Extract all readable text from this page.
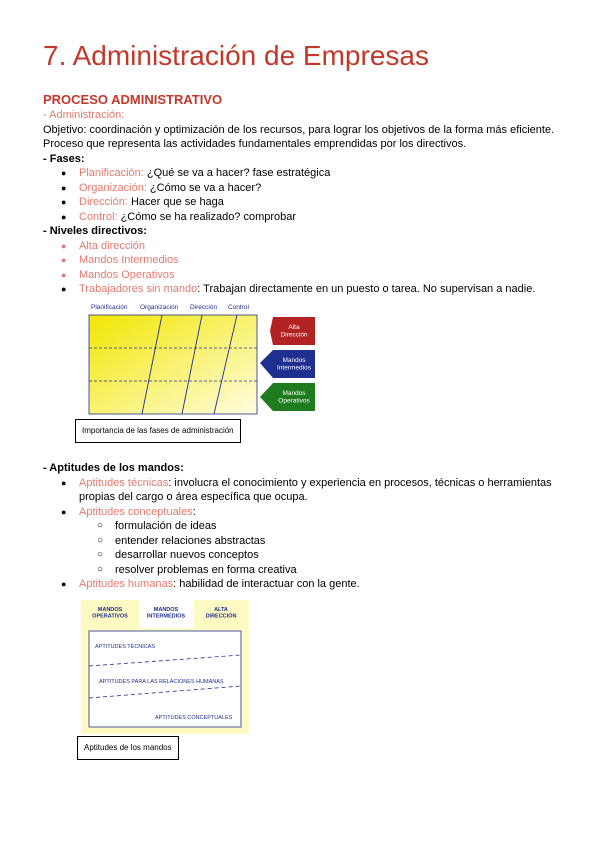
7. Administración de Empresas
PROCESO ADMINISTRATIVO

- Administración:

Objetivo: coordinación y optimización de los recursos, para lograr los objetivos de la forma más eficiente.

Proceso que representa las actividades fundamentales emprendidas por los directivos.

- Fases:

● Planificación: ¿Qué se va a hacer? fase estratégica
● Organización: ¿Cómo se va a hacer?
● Dirección: Hacer que se haga
● Control: ¿Cómo se ha realizado? comprobar

- Niveles directivos:

● Alta dirección
● Mandos Intermedios
● Mandos Operativos
● Trabajadores sin mando: Trabajan directamente en un puesto o tarea. No supervisan a nadie.
Planificación Organización Dirección Control
Alta Dirección
Mandos Intermedios
Mandos Operativos
Importancia de las fases de administración

- Aptitudes de los mandos:

● Aptitudes técnicas: involucra el conocimiento y experiencia en procesos, técnicas o herramientas propias del cargo o área específica que ocupa.
● Aptitudes conceptuales:
○ formulación de ideas
○ entender relaciones abstractas
○ desarrollar nuevos conceptos
○ resolver problemas en forma creativa
● Aptitudes humanas: habilidad de interactuar con la gente.
MANDOS OPERATIVOS
MANDOS INTERMEDIOS
ALTA DIRECCIÓN
APTITUDES TÉCNICAS
APTITUDES PARA LAS RELACIONES HUMANAS
APTITUDES CONCEPTUALES
Aptitudes de los mandos
